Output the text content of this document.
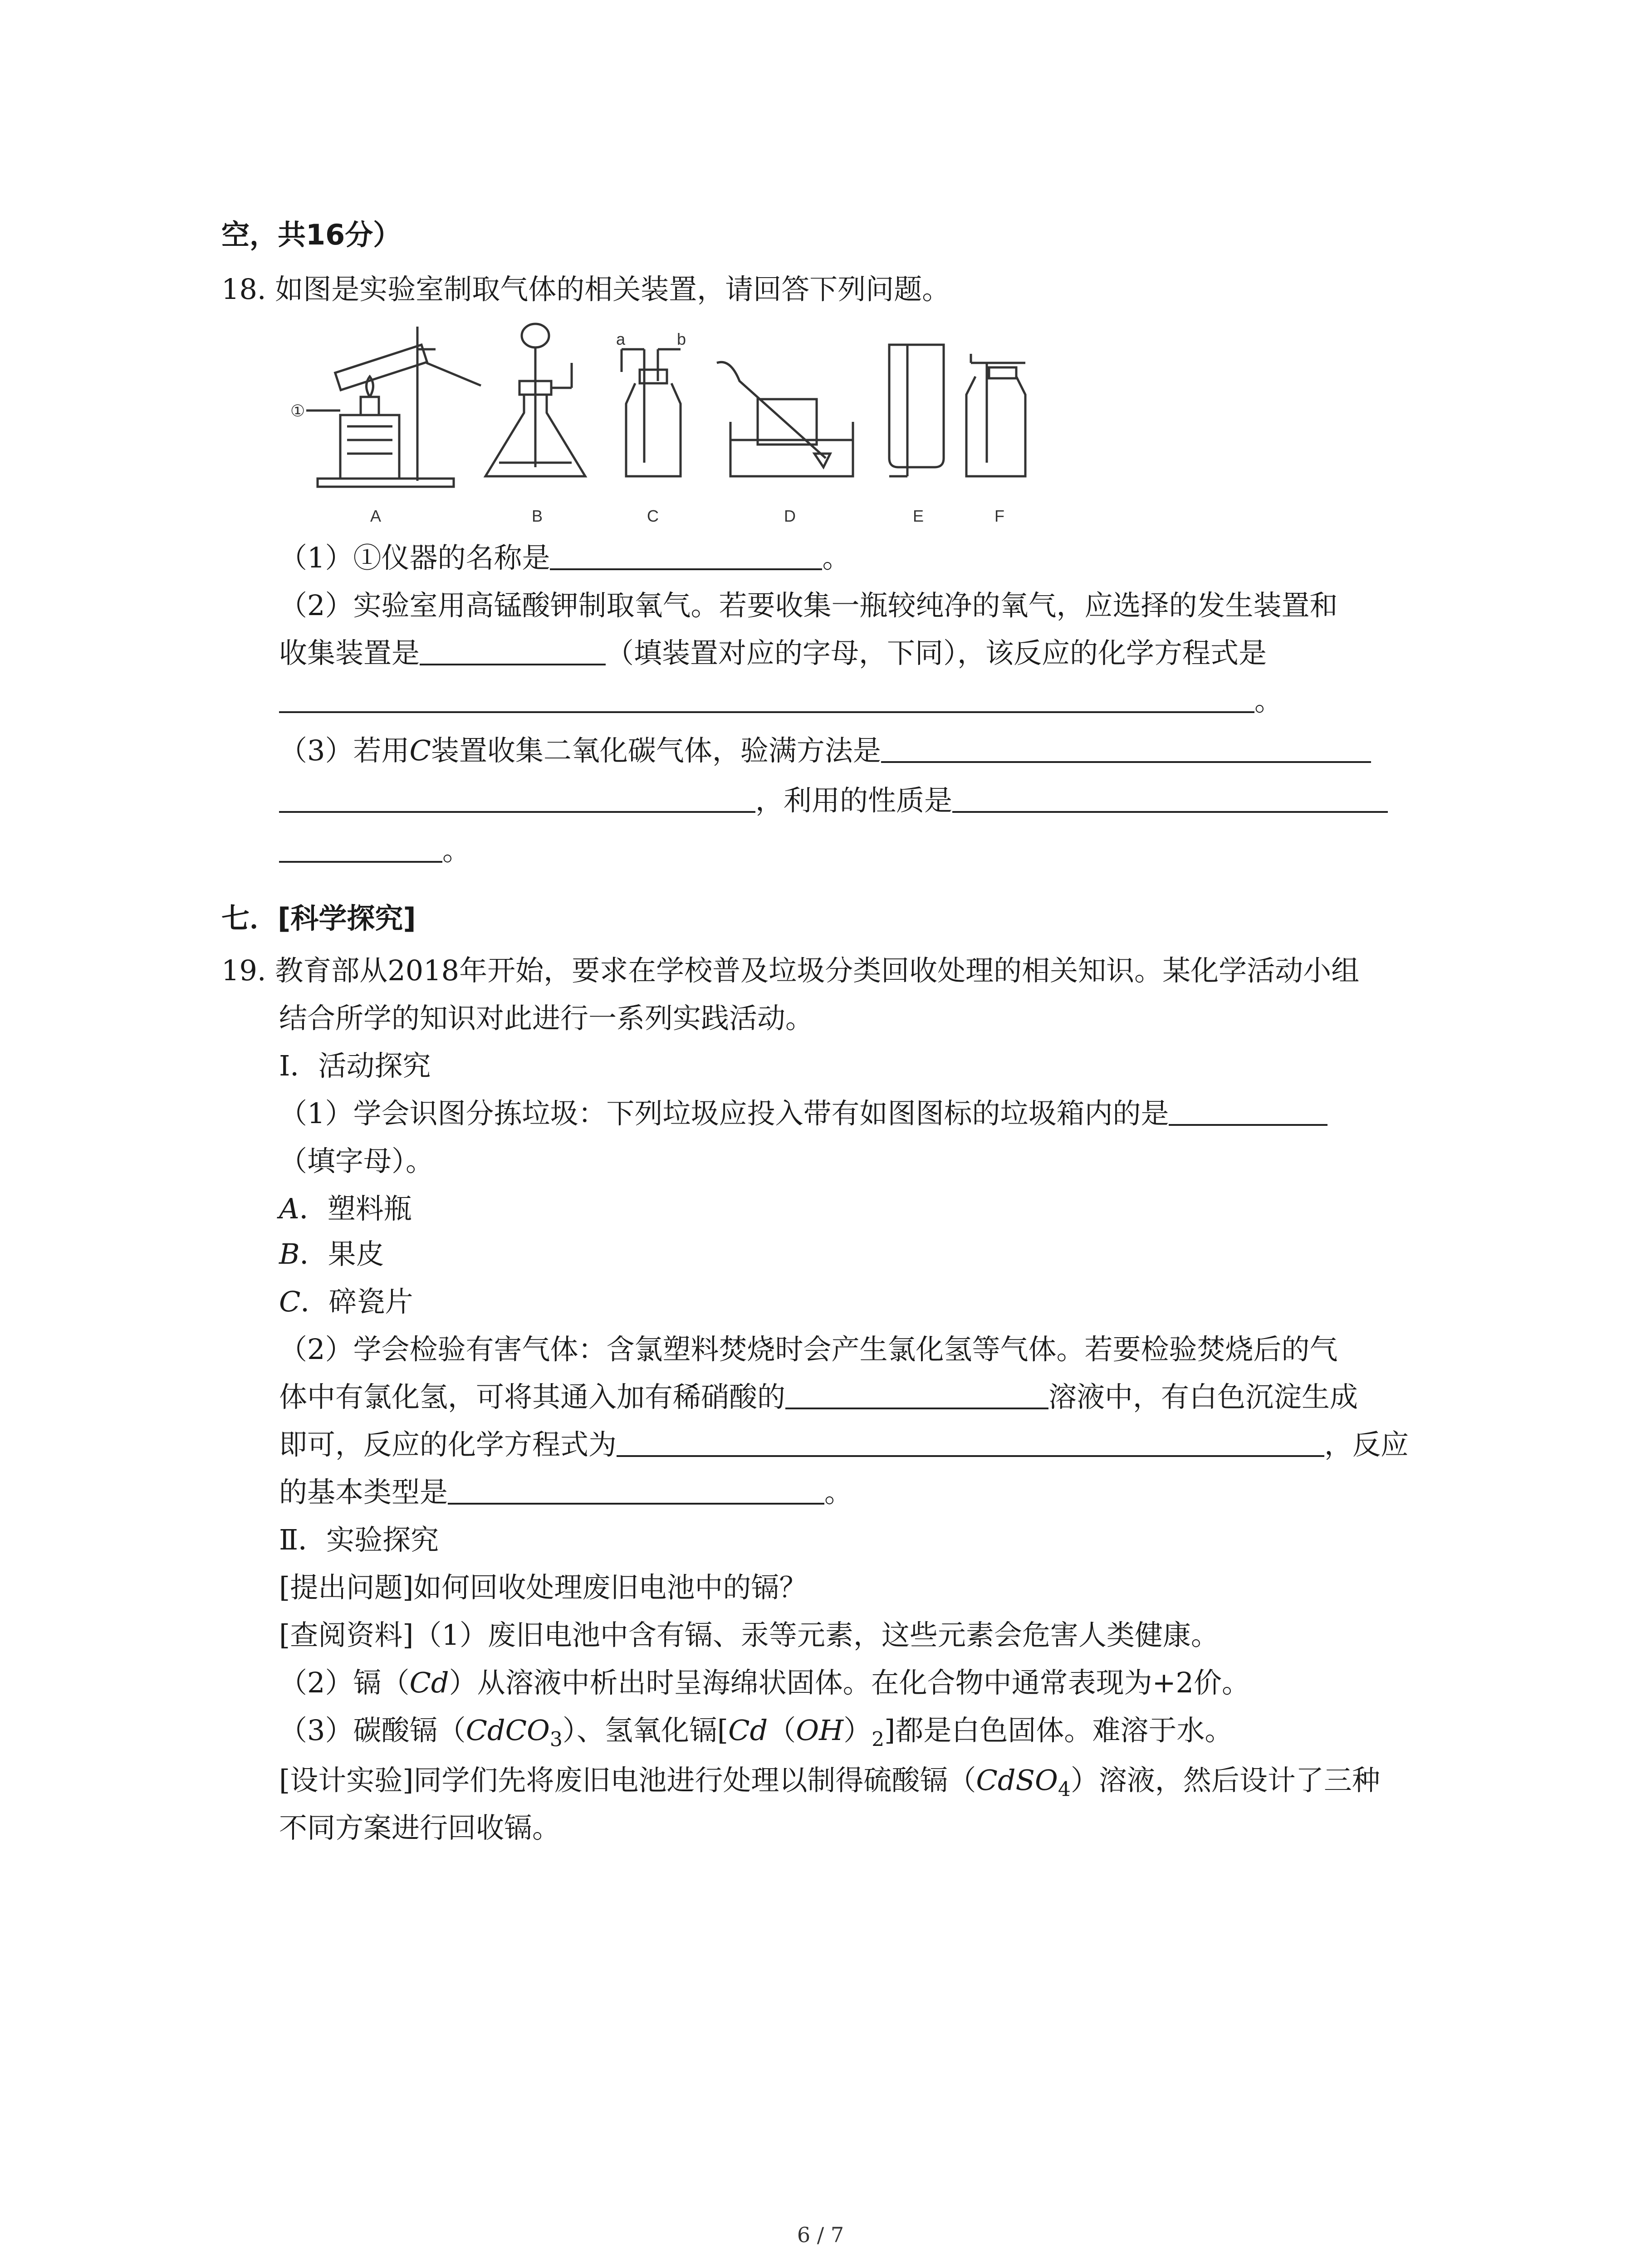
空，共16分）
18. 如图是实验室制取气体的相关装置，请回答下列问题。
①
a	b
A	B	C	D	E	F
（1）①仪器的名称是	。
（2）实验室用高锰酸钾制取氧气。若要收集一瓶较纯净的氧气，应选择的发生装置和
收集装置是	（填装置对应的字母，下同），该反应的化学方程式是
。
（3）若用C装置收集二氧化碳气体，验满方法是
，利用的性质是
。
七．[科学探究]
19. 教育部从2018年开始，要求在学校普及垃圾分类回收处理的相关知识。某化学活动小组
结合所学的知识对此进行一系列实践活动。
Ⅰ．活动探究
（1）学会识图分拣垃圾：下列垃圾应投入带有如图图标的垃圾箱内的是
（填字母）。
A．塑料瓶
B．果皮
C．碎瓷片
（2）学会检验有害气体：含氯塑料焚烧时会产生氯化氢等气体。若要检验焚烧后的气
体中有氯化氢，可将其通入加有稀硝酸的	溶液中，有白色沉淀生成
即可，反应的化学方程式为	，反应
的基本类型是	。
Ⅱ．实验探究
[提出问题]如何回收处理废旧电池中的镉？
[查阅资料]（1）废旧电池中含有镉、汞等元素，这些元素会危害人类健康。
（2）镉（Cd）从溶液中析出时呈海绵状固体。在化合物中通常表现为+2价。
（3）碳酸镉（CdCO$_3$）、氢氧化镉$[Cd(OH)_2]$都是白色固体。难溶于水。
[设计实验]同学们先将废旧电池进行处理以制得硫酸镉（CdSO$_4$）溶液，然后设计了三种
不同方案进行回收镉。
6 / 7
